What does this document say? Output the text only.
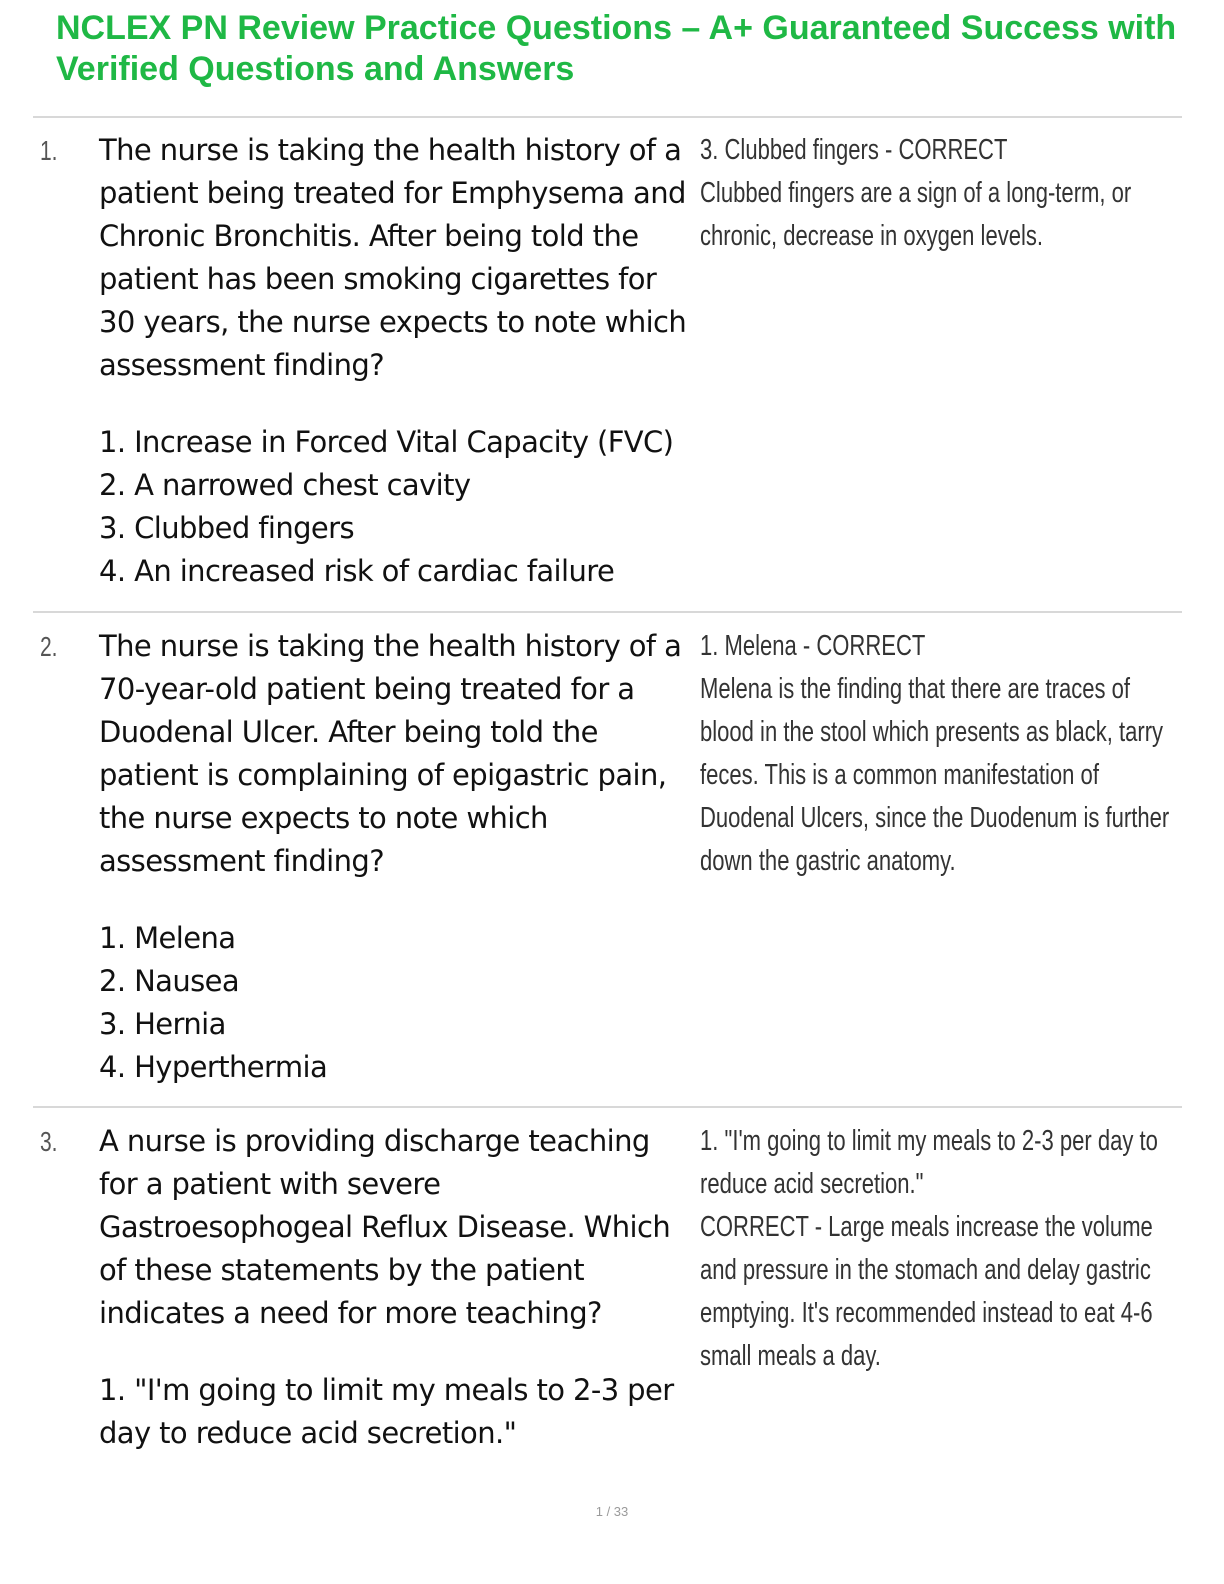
NCLEX PN Review Practice Questions – A+ Guaranteed Success with Verified Questions and Answers
1. The nurse is taking the health history of a patient being treated for Emphysema and Chronic Bronchitis. After being told the patient has been smoking cigarettes for 30 years, the nurse expects to note which assessment finding?

1. Increase in Forced Vital Capacity (FVC)
2. A narrowed chest cavity
3. Clubbed fingers
4. An increased risk of cardiac failure

3. Clubbed fingers - CORRECT

Clubbed fingers are a sign of a long-term, or chronic, decrease in oxygen levels.

2. The nurse is taking the health history of a 70-year-old patient being treated for a Duodenal Ulcer. After being told the patient is complaining of epigastric pain, the nurse expects to note which assessment finding?

1. Melena
2. Nausea
3. Hernia
4. Hyperthermia

1. Melena - CORRECT

Melena is the finding that there are traces of blood in the stool which presents as black, tarry feces. This is a common manifestation of Duodenal Ulcers, since the Duodenum is further down the gastric anatomy.

3. A nurse is providing discharge teaching for a patient with severe Gastroesophogeal Reflux Disease. Which of these statements by the patient indicates a need for more teaching?

1. "I'm going to limit my meals to 2-3 per day to reduce acid secretion."

1. "I'm going to limit my meals to 2-3 per day to reduce acid secretion."

CORRECT - Large meals increase the volume and pressure in the stomach and delay gastric emptying. It's recommended instead to eat 4-6 small meals a day.

1 / 33
